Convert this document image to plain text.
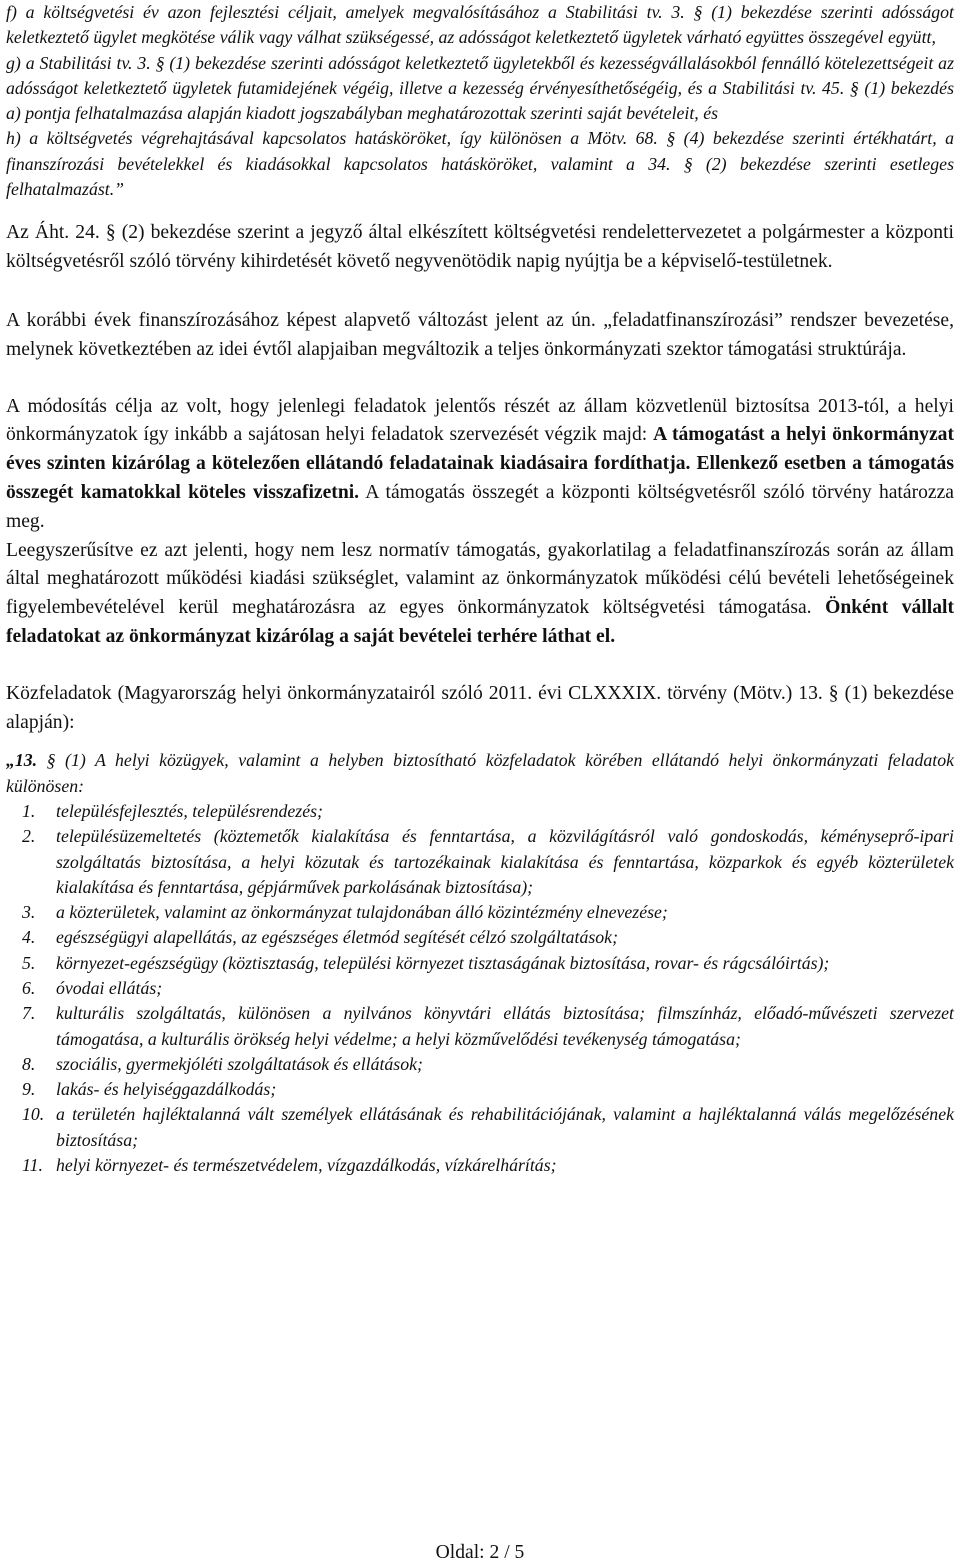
f) a költségvetési év azon fejlesztési céljait, amelyek megvalósításához a Stabilitási tv. 3. § (1) bekezdése szerinti adósságot keletkeztető ügylet megkötése válik vagy válhat szükségessé, az adósságot keletkeztető ügyletek várható együttes összegével együtt,
g) a Stabilitási tv. 3. § (1) bekezdése szerinti adósságot keletkeztető ügyletekből és kezességvállalásokból fennálló kötelezettségeit az adósságot keletkeztető ügyletek futamidejének végéig, illetve a kezesség érvényesíthetőségéig, és a Stabilitási tv. 45. § (1) bekezdés a) pontja felhatalmazása alapján kiadott jogszabályban meghatározottak szerinti saját bevételeit, és
h) a költségvetés végrehajtásával kapcsolatos hatásköröket, így különösen a Mötv. 68. § (4) bekezdése szerinti értékhatárt, a finanszírozási bevételekkel és kiadásokkal kapcsolatos hatásköröket, valamint a 34. § (2) bekezdése szerinti esetleges felhatalmazást.”
Az Áht. 24. § (2) bekezdése szerint a jegyző által elkészített költségvetési rendelettervezetet a polgármester a központi költségvetésről szóló törvény kihirdetését követő negyvenötödik napig nyújtja be a képviselő-testületnek.
A korábbi évek finanszírozásához képest alapvető változást jelent az ún. „feladatfinanszírozási” rendszer bevezetése, melynek következtében az idei évtől alapjaiban megváltozik a teljes önkormányzati szektor támogatási struktúrája.
A módosítás célja az volt, hogy jelenlegi feladatok jelentős részét az állam közvetlenül biztosítsa 2013-tól, a helyi önkormányzatok így inkább a sajátosan helyi feladatok szervezését végzik majd: A támogatást a helyi önkormányzat éves szinten kizárólag a kötelezően ellátandó feladatainak kiadásaira fordíthatja. Ellenkező esetben a támogatás összegét kamatokkal köteles visszafizetni. A támogatás összegét a központi költségvetésről szóló törvény határozza meg.
Leegyszerűsítve ez azt jelenti, hogy nem lesz normatív támogatás, gyakorlatilag a feladatfinanszírozás során az állam által meghatározott működési kiadási szükséglet, valamint az önkormányzatok működési célú bevételi lehetőségeinek figyelembevételével kerül meghatározásra az egyes önkormányzatok költségvetési támogatása. Önként vállalt feladatokat az önkormányzat kizárólag a saját bevételei terhére láthat el.
Közfeladatok (Magyarország helyi önkormányzatairól szóló 2011. évi CLXXXIX. törvény (Mötv.) 13. § (1) bekezdése alapján):
„13. § (1) A helyi közügyek, valamint a helyben biztosítható közfeladatok körében ellátandó helyi önkormányzati feladatok különösen:
1. településfejlesztés, településrendezés;
2. településüzemeltetés (köztemetők kialakítása és fenntartása, a közvilágításról való gondoskodás, kéményseprő-ipari szolgáltatás biztosítása, a helyi közutak és tartozékainak kialakítása és fenntartása, közparkok és egyéb közterületek kialakítása és fenntartása, gépjárművek parkolásának biztosítása);
3. a közterületek, valamint az önkormányzat tulajdonában álló közintézmény elnevezése;
4. egészségügyi alapellátás, az egészséges életmód segítését célzó szolgáltatások;
5. környezet-egészségügy (köztisztaság, települési környezet tisztaságának biztosítása, rovar- és rágcsálóirtás);
6. óvodai ellátás;
7. kulturális szolgáltatás, különösen a nyilvános könyvtári ellátás biztosítása; filmszínház, előadó-művészeti szervezet támogatása, a kulturális örökség helyi védelme; a helyi közművelődési tevékenység támogatása;
8. szociális, gyermekjóléti szolgáltatások és ellátások;
9. lakás- és helyiséggazdálkodás;
10. a területén hajléktalanná vált személyek ellátásának és rehabilitációjának, valamint a hajléktalanná válás megelőzésének biztosítása;
11. helyi környezet- és természetvédelem, vízgazdálkodás, vízkárelhárítás;
Oldal: 2 / 5
